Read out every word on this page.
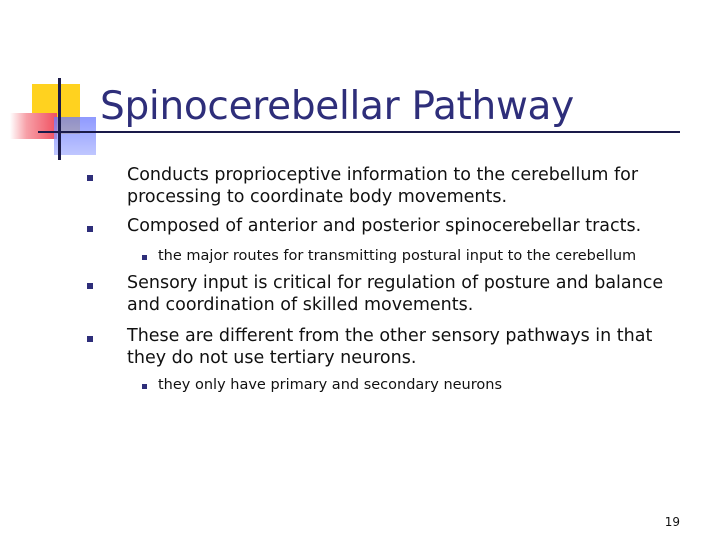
Spinocerebellar Pathway
Conducts proprioceptive information to the cerebellum for processing to coordinate body movements.
Composed of anterior and posterior spinocerebellar tracts.
the major routes for transmitting postural input to the cerebellum
Sensory input is critical for regulation of posture and balance and coordination of skilled movements.
These are different from the other sensory pathways in that they do not use tertiary neurons.
they only have primary and secondary neurons
19
